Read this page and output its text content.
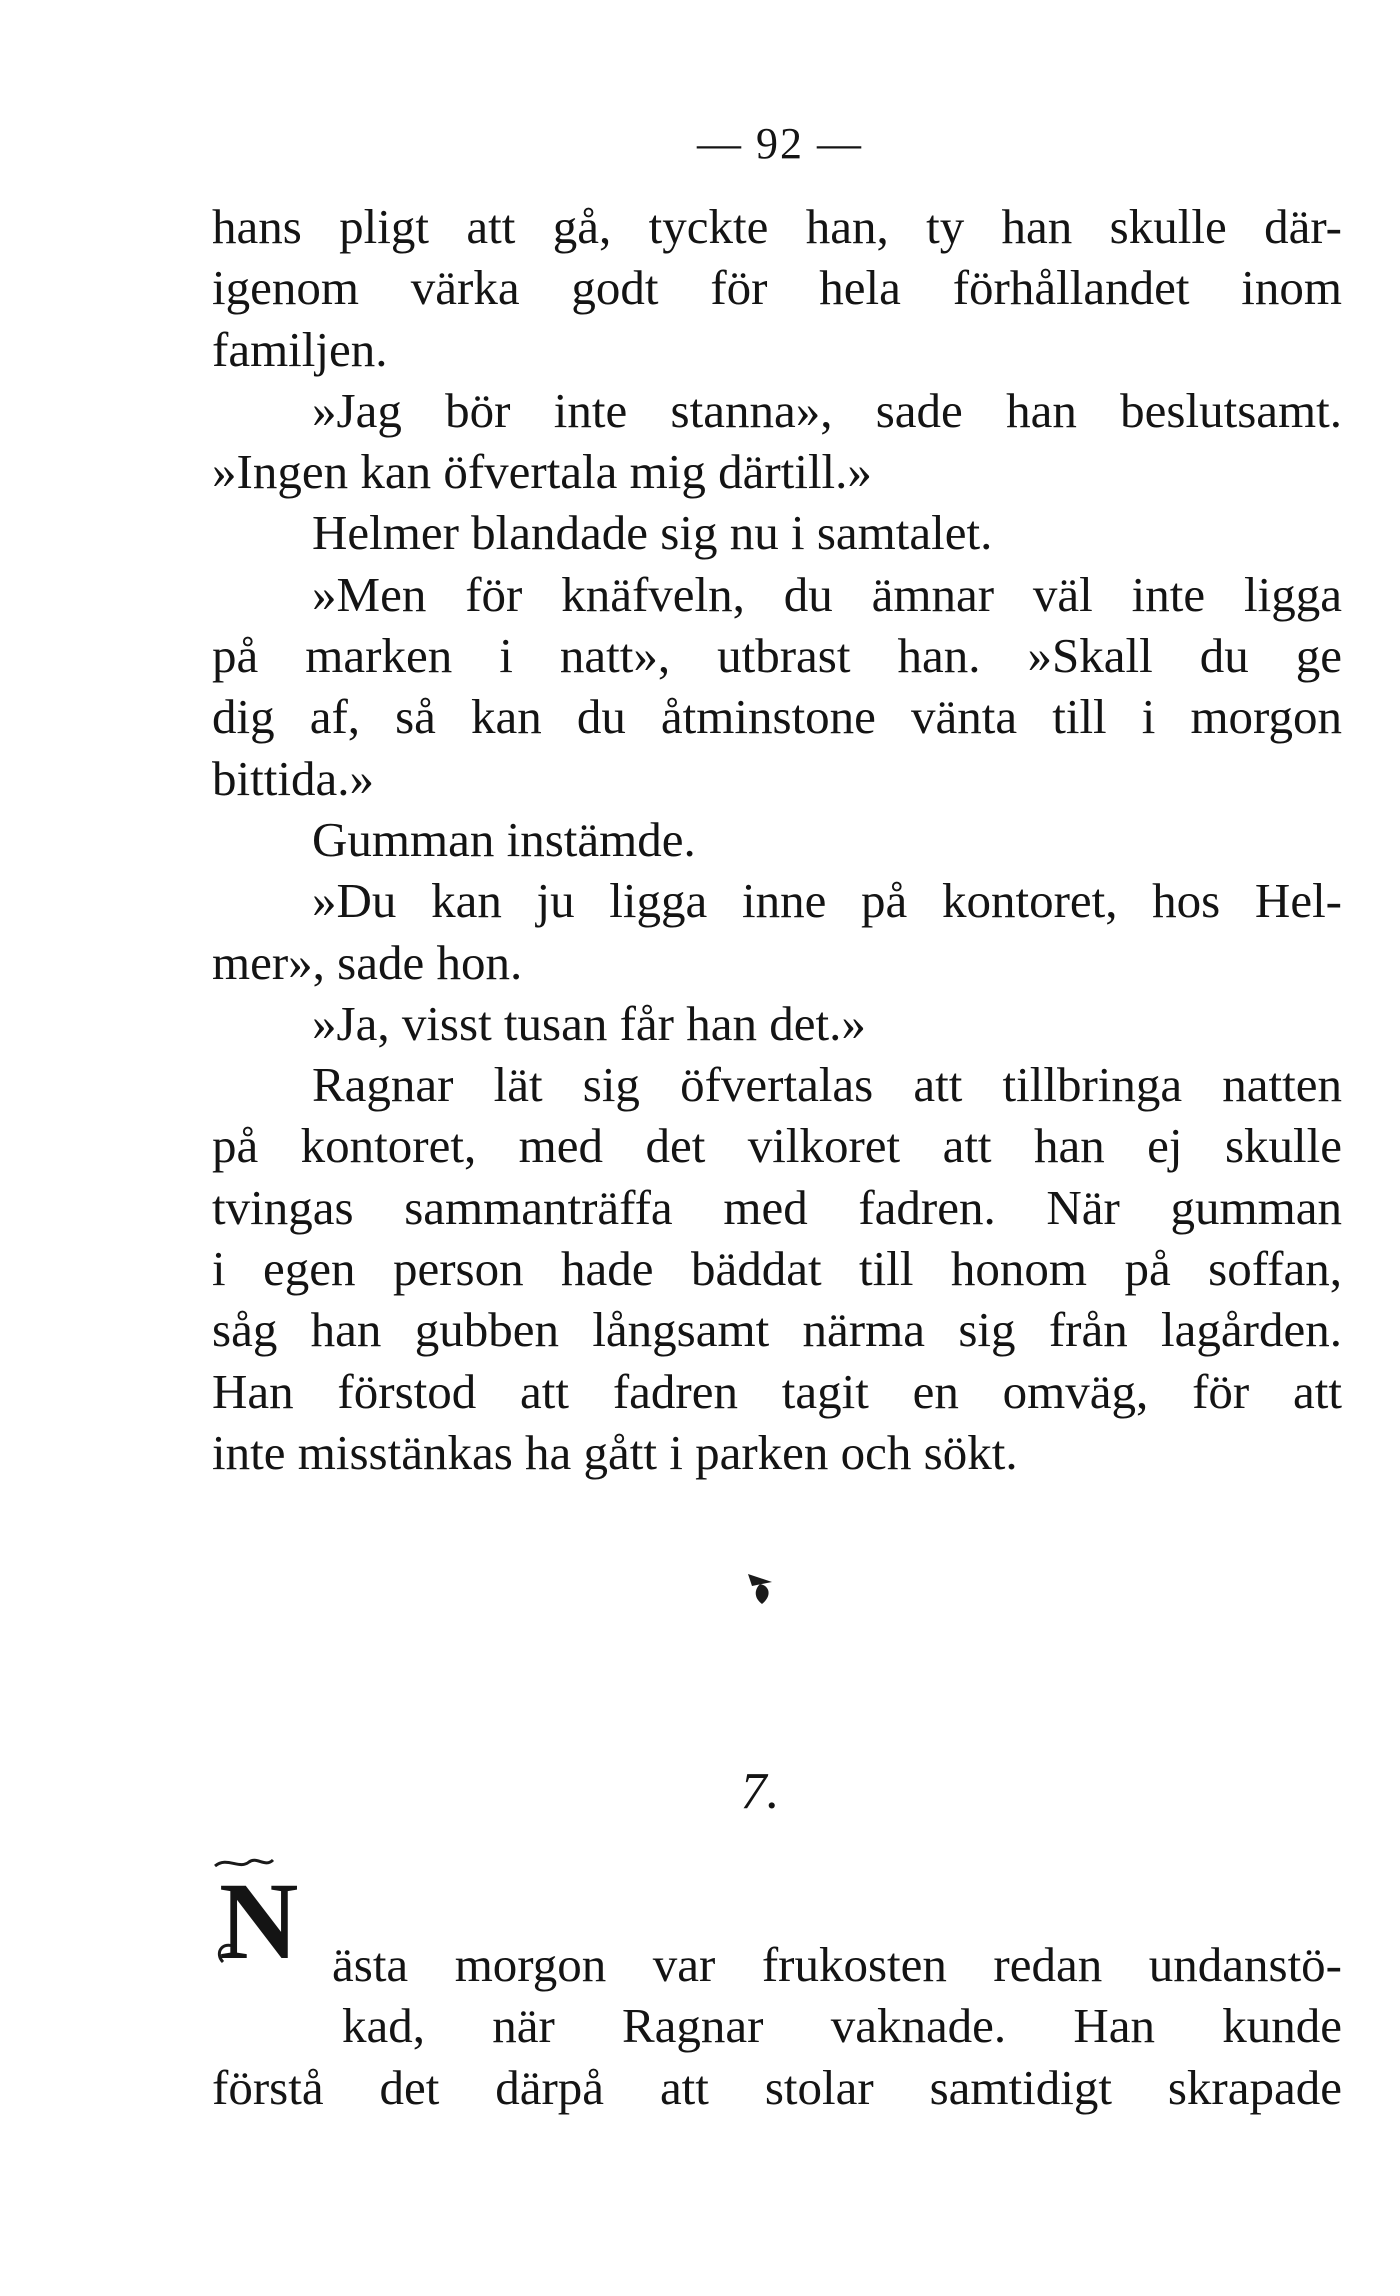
— 92 —
hans pligt att gå, tyckte han, ty han skulle där-
igenom värka godt för hela förhållandet inom
familjen.
»Jag bör inte stanna», sade han beslutsamt.
»Ingen kan öfvertala mig därtill.»
Helmer blandade sig nu i samtalet.
»Men för knäfveln, du ämnar väl inte ligga
på marken i natt», utbrast han. »Skall du ge
dig af, så kan du åtminstone vänta till i morgon
bittida.»
Gumman instämde.
»Du kan ju ligga inne på kontoret, hos Hel-
mer», sade hon.
»Ja, visst tusan får han det.»
Ragnar lät sig öfvertalas att tillbringa natten
på kontoret, med det vilkoret att han ej skulle
tvingas sammanträffa med fadren. När gumman
i egen person hade bäddat till honom på soffan,
såg han gubben långsamt närma sig från lagården.
Han förstod att fadren tagit en omväg, för att
inte misstänkas ha gått i parken och sökt.
7.
N ästa morgon var frukosten redan undanstö-
kad, när Ragnar vaknade. Han kunde
förstå det därpå att stolar samtidigt skrapade
